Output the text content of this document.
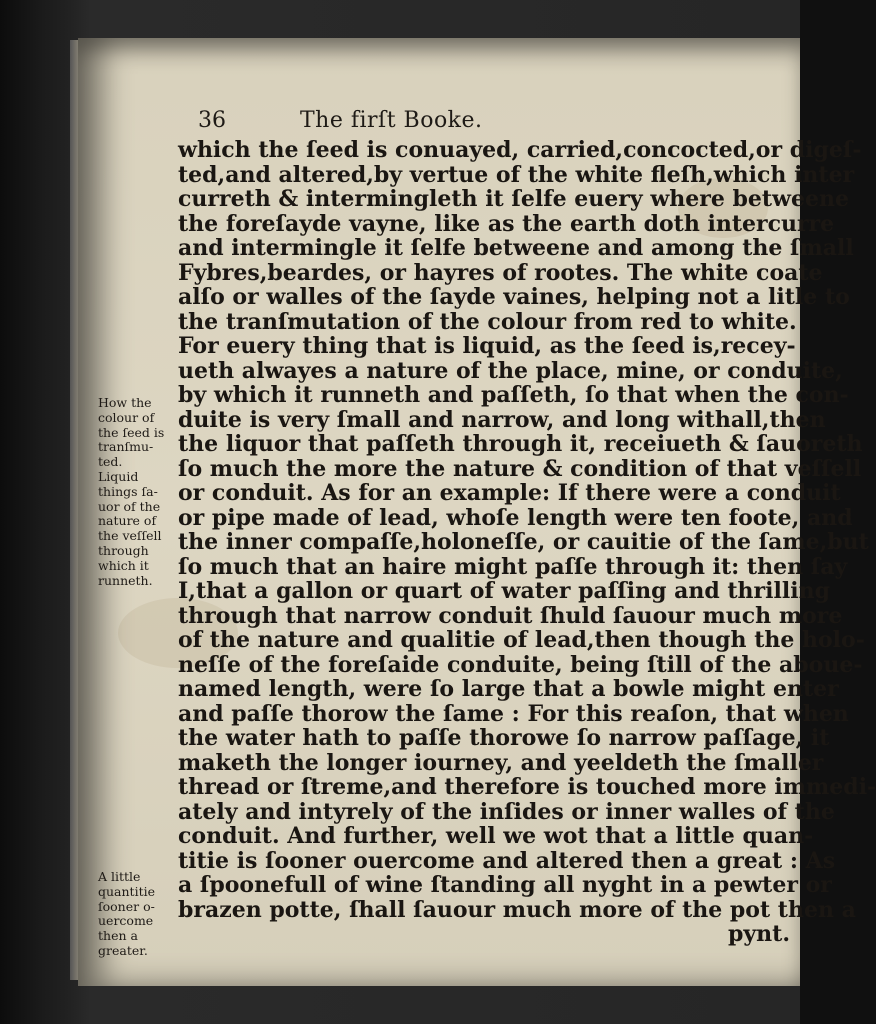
36	The firſt Booke.
which the ſeed is conuayed, carried,concocted,or digeſ-
ted,and altered,by vertue of the white fleſh,which inter
curreth & intermingleth it ſelfe euery where betweene
the foreſayde vayne, like as the earth doth intercurre
and intermingle it ſelfe betweene and among the ſmall
Fybres,beardes, or hayres of rootes. The white coate
alſo or walles of the ſayde vaines, helping not a litle to
the tranſmutation of the colour from red to white.
For euery thing that is liquid, as the ſeed is,recey-
ueth alwayes a nature of the place, mine, or conduite,
by which it runneth and paſſeth, ſo that when the con-
duite is very ſmall and narrow, and long withall,then
the liquor that paſſeth through it, receiueth & ſauoreth
ſo much the more the nature & condition of that veſſell
or conduit. As for an example: If there were a conduit
or pipe made of lead, whoſe length were ten foote, and
the inner compaſſe,holoneſſe, or cauitie of the ſame,but
ſo much that an haire might paſſe through it: then ſay
I,that a gallon or quart of water paſſing and thrilling
through that narrow conduit ſhuld ſauour much more
of the nature and qualitie of lead,then though the holo-
neſſe of the foreſaide conduite, being ſtill of the aboue-
named length, were ſo large that a bowle might enter
and paſſe thorow the ſame : For this reaſon, that when
the water hath to paſſe thorowe ſo narrow paſſage, it
maketh the longer iourney, and yeeldeth the ſmaller
thread or ſtreme,and therefore is touched more immedi-
ately and intyrely of the inſides or inner walles of the
conduit. And further, well we wot that a little quan-
titie is ſooner ouercome and altered then a great : As
a ſpoonefull of wine ſtanding all nyght in a pewter or
brazen potte, ſhall ſauour much more of the pot then a
pynt.
How the
colour of
the ſeed is
tranſmu-
ted.
Liquid
things ſa-
uor of the
nature of
the veſſell
through
which it
runneth.
A little
quantitie
ſooner o-
uercome
then a
greater.
